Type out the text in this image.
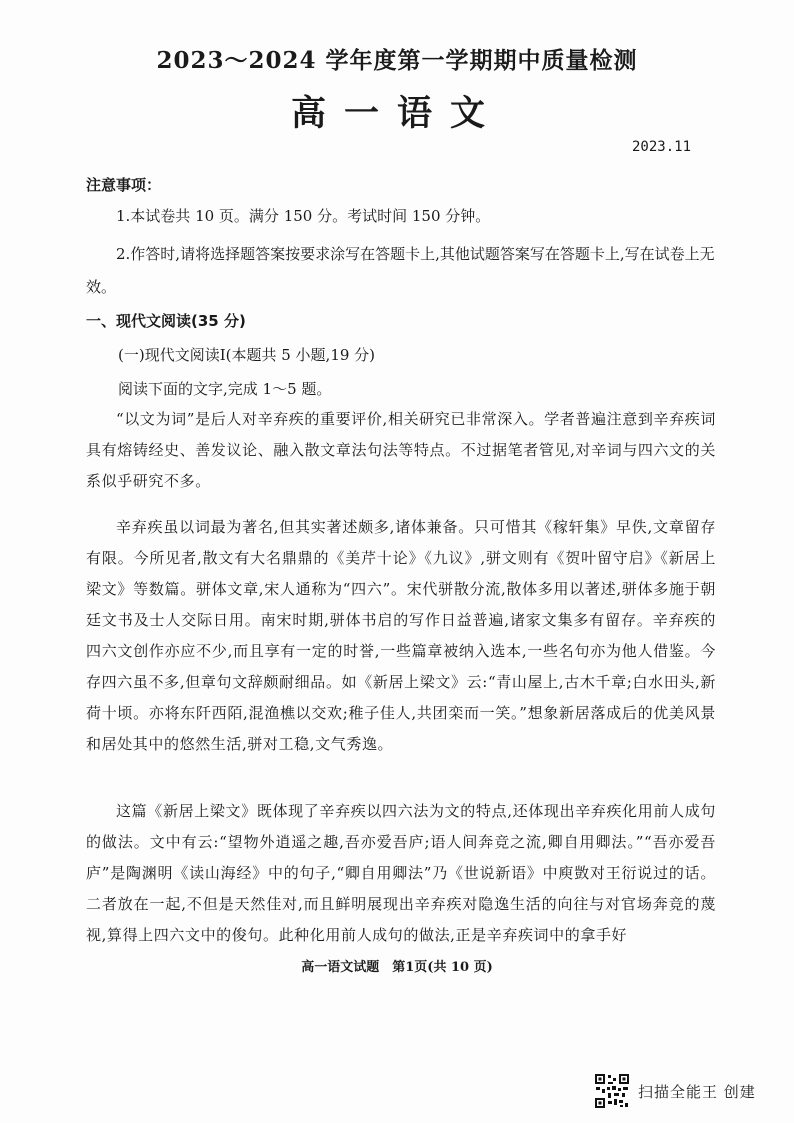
2023～2024 学年度第一学期期中质量检测
高一语文
2023.11
注意事项：

1.本试卷共 10 页。满分 150 分。考试时间 150 分钟。

2.作答时,请将选择题答案按要求涂写在答题卡上,其他试题答案写在答题卡上,写在试卷上无效。

一、现代文阅读(35 分)
(一)现代文阅读Ⅰ(本题共 5 小题,19 分)
阅读下面的文字,完成 1～5 题。

“以文为词”是后人对辛弃疾的重要评价,相关研究已非常深入。学者普遍注意到辛弃疾词具有熔铸经史、善发议论、融入散文章法句法等特点。不过据笔者管见,对辛词与四六文的关系似乎研究不多。

辛弃疾虽以词最为著名,但其实著述颇多,诸体兼备。只可惜其《稼轩集》早佚,文章留存有限。今所见者,散文有大名鼎鼎的《美芹十论》《九议》,骈文则有《贺叶留守启》《新居上梁文》等数篇。骈体文章,宋人通称为“四六”。宋代骈散分流,散体多用以著述,骈体多施于朝廷文书及士人交际日用。南宋时期,骈体书启的写作日益普遍,诸家文集多有留存。辛弃疾的四六文创作亦应不少,而且享有一定的时誉,一些篇章被纳入选本,一些名句亦为他人借鉴。今存四六虽不多,但章句文辞颇耐细品。如《新居上梁文》云:“青山屋上,古木千章;白水田头,新荷十顷。亦将东阡西陌,混渔樵以交欢;稚子佳人,共团栾而一笑。”想象新居落成后的优美风景和居处其中的悠然生活,骈对工稳,文气秀逸。

这篇《新居上梁文》既体现了辛弃疾以四六法为文的特点,还体现出辛弃疾化用前人成句的做法。文中有云:“望物外逍遥之趣,吾亦爱吾庐;语人间奔竞之流,卿自用卿法。”“吾亦爱吾庐”是陶渊明《读山海经》中的句子,“卿自用卿法”乃《世说新语》中庾敳对王衍说过的话。二者放在一起,不但是天然佳对,而且鲜明展现出辛弃疾对隐逸生活的向往与对官场奔竞的蔑视,算得上四六文中的俊句。此种化用前人成句的做法,正是辛弃疾词中的拿手好

高一语文试题　第1页(共 10 页)
扫描全能王 创建
